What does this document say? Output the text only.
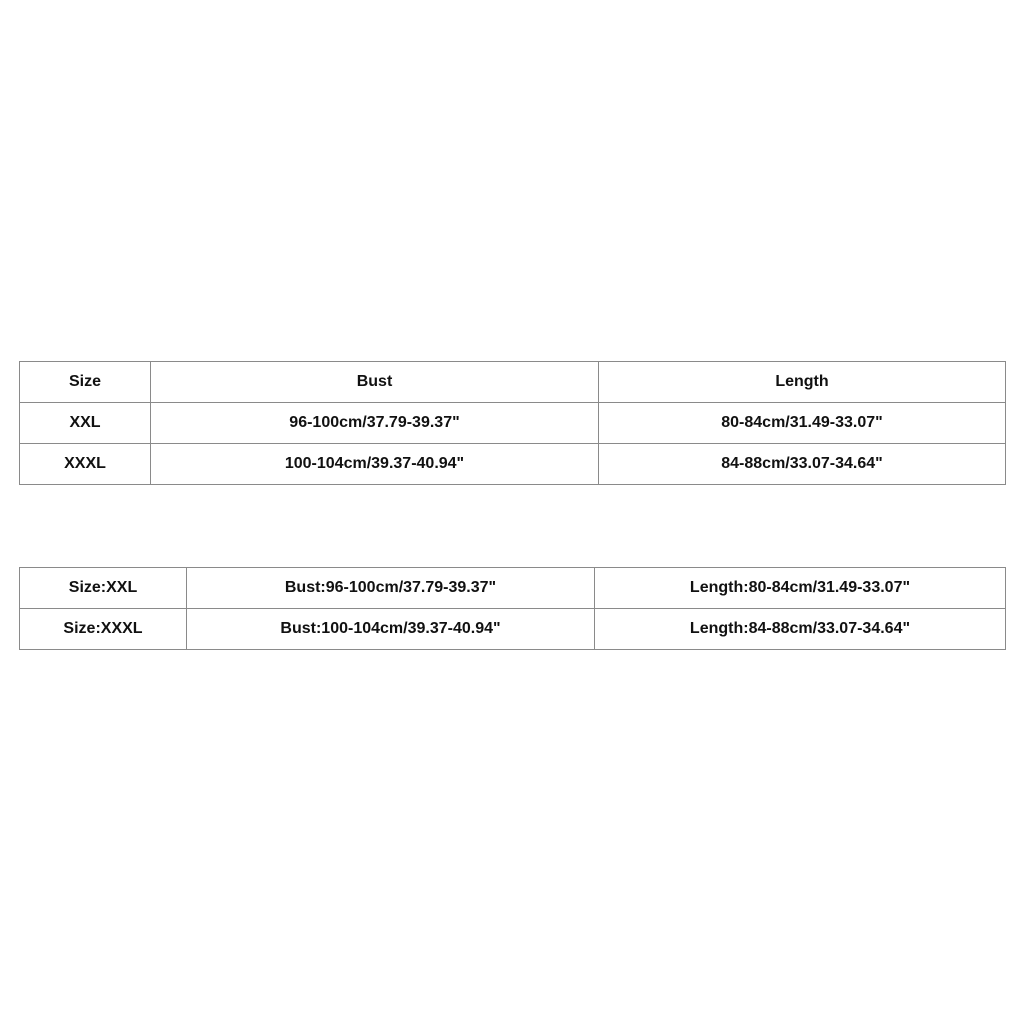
Size	Bust	Length
XXL	96-100cm/37.79-39.37"	80-84cm/31.49-33.07"
XXXL	100-104cm/39.37-40.94"	84-88cm/33.07-34.64"
Size:XXL	Bust:96-100cm/37.79-39.37"	Length:80-84cm/31.49-33.07"
Size:XXXL	Bust:100-104cm/39.37-40.94"	Length:84-88cm/33.07-34.64"
